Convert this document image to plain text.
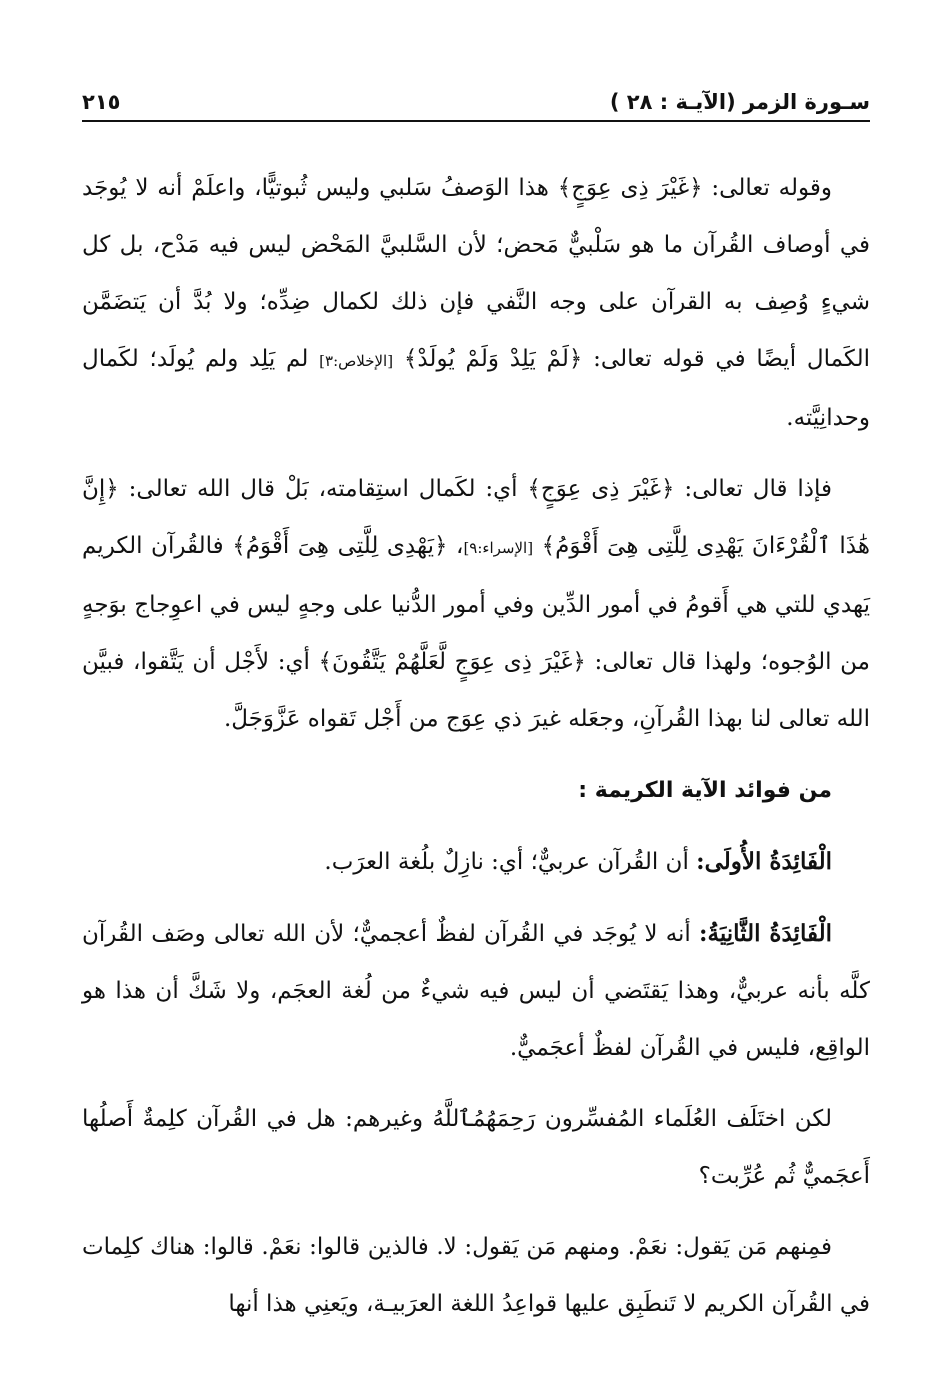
سـورة الزمر (الآيـة : ٢٨ )
٢١٥

وقوله تعالى: ﴿غَيْرَ ذِى عِوَجٍ﴾ هذا الوَصفُ سَلبي وليس ثُبوتيًّا، واعلَمْ أنه لا يُوجَد في أوصاف القُرآن ما هو سَلْبيٌّ مَحض؛ لأن السَّلبيَّ المَحْض ليس فيه مَدْح، بل كل شيءٍ وُصِف به القرآن على وجه النَّفي فإن ذلك لكمال ضِدِّه؛ ولا بُدَّ أن يَتضَمَّن الكَمال أيضًا في قوله تعالى: ﴿لَمْ يَلِدْ وَلَمْ يُولَدْ﴾ [الإخلاص:٣] لم يَلِد ولم يُولَد؛ لكَمال وحدانِيَّته.

فإذا قال تعالى: ﴿غَيْرَ ذِى عِوَجٍ﴾ أي: لكَمال استِقامته، بَلْ قال الله تعالى: ﴿إِنَّ هَٰذَا ٱلْقُرْءَانَ يَهْدِى لِلَّتِى هِىَ أَقْوَمُ﴾ [الإسراء:٩]، ﴿يَهْدِى لِلَّتِى هِىَ أَقْوَمُ﴾ فالقُرآن الكريم يَهدي للتي هي أَقومُ في أمور الدِّين وفي أمور الدُّنيا على وجهٍ ليس في اعوِجاج بوَجهٍ من الوُجوه؛ ولهذا قال تعالى: ﴿غَيْرَ ذِى عِوَجٍ لَّعَلَّهُمْ يَتَّقُونَ﴾ أي: لأَجْل أن يَتَّقوا، فبيَّن الله تعالى لنا بهذا القُرآنِ، وجعَله غيرَ ذي عِوَج من أَجْل تَقواه عَزَّوَجَلَّ.

من فوائد الآية الكريمة :

الْفَائِدَةُ الأُولَى: أن القُرآن عربيٌّ؛ أي: نازِلٌ بلُغة العرَب.

الْفَائِدَةُ الثَّانِيَةُ: أنه لا يُوجَد في القُرآن لفظٌ أعجميٌّ؛ لأن الله تعالى وصَف القُرآن كلَّه بأنه عربيٌّ، وهذا يَقتَضي أن ليس فيه شيءٌ من لُغة العجَم، ولا شَكَّ أن هذا هو الواقِع، فليس في القُرآن لفظٌ أعجَميٌّ.

لكن اختَلَف العُلَماء المُفسِّرون رَحِمَهُمُٱللَّهُ وغيرهم: هل في القُرآن كلِمةٌ أَصلُها أَعجَميٌّ ثُم عُرِّبت؟

فمِنهم مَن يَقول: نعَمْ. ومنهم مَن يَقول: لا. فالذين قالوا: نعَمْ. قالوا: هناك كلِمات في القُرآن الكريم لا تَنطَبِق عليها قواعِدُ اللغة العرَبيـة، ويَعنِي هذا أنها
